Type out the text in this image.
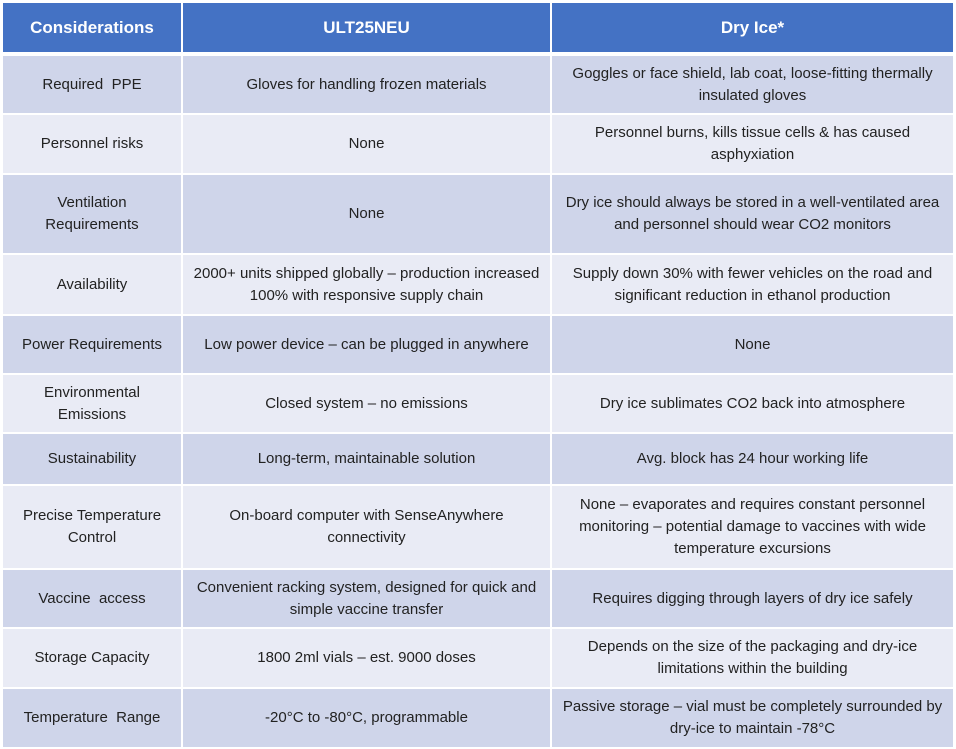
Considerations	ULT25NEU	Dry Ice*
Required  PPE	Gloves for handling frozen materials	Goggles or face shield, lab coat, loose-fitting thermally insulated gloves
Personnel risks	None	Personnel burns, kills tissue cells & has caused asphyxiation
Ventilation Requirements	None	Dry ice should always be stored in a well-ventilated area and personnel should wear CO2 monitors
Availability	2000+ units shipped globally – production increased 100% with responsive supply chain	Supply down 30% with fewer vehicles on the road and significant reduction in ethanol production
Power Requirements	Low power device – can be plugged in anywhere	None
Environmental Emissions	Closed system – no emissions	Dry ice sublimates CO2 back into atmosphere
Sustainability	Long-term, maintainable solution	Avg. block has 24 hour working life
Precise Temperature Control	On-board computer with SenseAnywhere connectivity	None – evaporates and requires constant personnel monitoring – potential damage to vaccines with wide temperature excursions
Vaccine  access	Convenient racking system, designed for quick and simple vaccine transfer	Requires digging through layers of dry ice safely
Storage Capacity	1800 2ml vials – est. 9000 doses	Depends on the size of the packaging and dry-ice limitations within the building
Temperature  Range	-20°C to -80°C, programmable	Passive storage – vial must be completely surrounded by dry-ice to maintain -78°C
